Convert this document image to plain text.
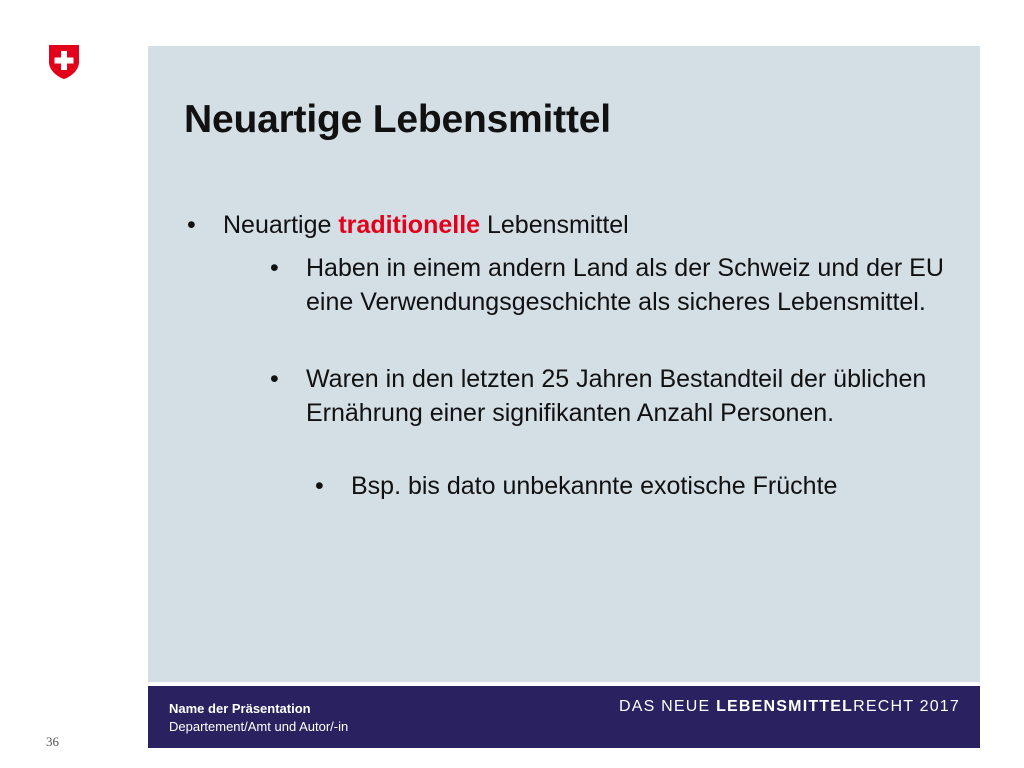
Neuartige Lebensmittel
• Neuartige traditionelle Lebensmittel
• Haben in einem andern Land als der Schweiz und der EU eine Verwendungsgeschichte als sicheres Lebensmittel.
• Waren in den letzten 25 Jahren Bestandteil der üblichen Ernährung einer signifikanten Anzahl Personen.
• Bsp. bis dato unbekannte exotische Früchte
Name der Präsentation
Departement/Amt und Autor/-in
DAS NEUE LEBENSMITTELRECHT 2017
36
